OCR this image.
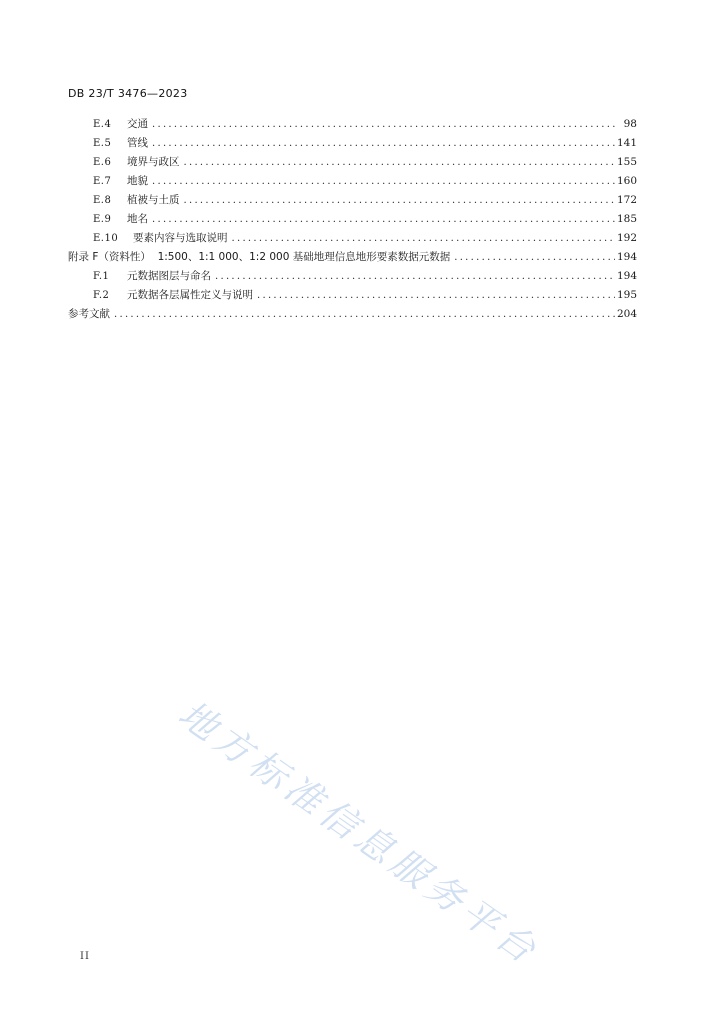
DB 23/T 3476—2023
E.4	交通 .....	98
E.5	管线 .....	141
E.6	境界与政区 .....	155
E.7	地貌 .....	160
E.8	植被与土质 .....	172
E.9	地名 .....	185
E.10	要素内容与选取说明 .....	192
附录 F（资料性） 1:500、1:1 000、1:2 000 基础地理信息地形要素数据元数据 .....	194
F.1	元数据图层与命名 .....	194
F.2	元数据各层属性定义与说明 .....	195
参考文献 .....	204
地方标准信息服务平台
II
